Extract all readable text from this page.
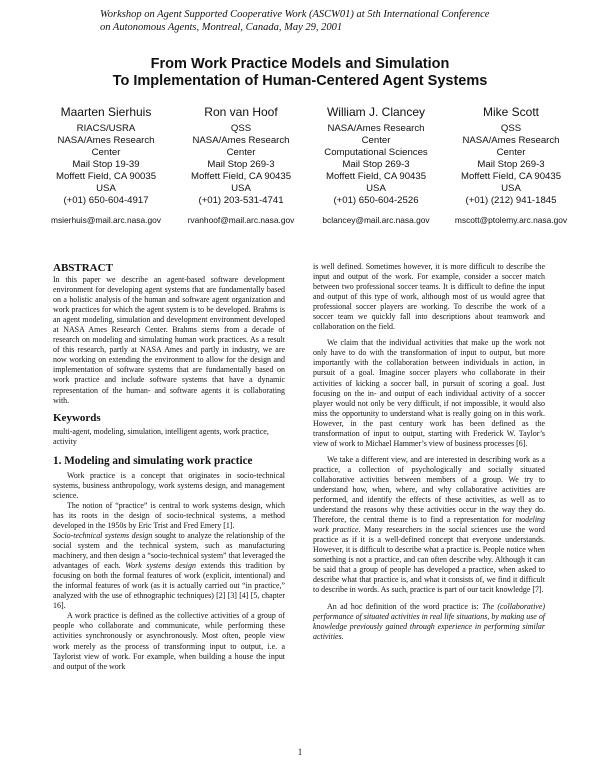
Workshop on Agent Supported Cooperative Work (ASCW01) at 5th International Conference
on Autonomous Agents, Montreal, Canada, May 29, 2001
From Work Practice Models and Simulation
To Implementation of Human-Centered Agent Systems
Maarten Sierhuis
RIACS/USRA
NASA/Ames Research
Center
Mail Stop 19-39
Moffett Field, CA 90035
USA
(+01) 650-604-4917
msierhuis@mail.arc.nasa.gov
Ron van Hoof
QSS
NASA/Ames Research
Center
Mail Stop 269-3
Moffett Field, CA 90435
USA
(+01) 203-531-4741
rvanhoof@mail.arc.nasa.gov
William J. Clancey
NASA/Ames Research
Center
Computational Sciences
Mail Stop 269-3
Moffett Field, CA 90435
USA
(+01) 650-604-2526
bclancey@mail.arc.nasa.gov
Mike Scott
QSS
NASA/Ames Research
Center
Mail Stop 269-3
Moffett Field, CA 90435
USA
(+01) (212) 941-1845
mscott@ptolemy.arc.nasa.gov
ABSTRACT

In this paper we describe an agent-based software development environment for developing agent systems that are fundamentally based on a holistic analysis of the human and software agent organization and work practices for which the agent system is to be developed. Brahms is an agent modeling, simulation and development environment developed at NASA Ames Research Center. Brahms stems from a decade of research on modeling and simulating human work practices. As a result of this research, partly at NASA Ames and partly in industry, we are now working on extending the environment to allow for the design and implementation of software systems that are fundamentally based on work practice and include software systems that have a dynamic representation of the human- and software agents it is collaborating with.

Keywords

multi-agent, modeling, simulation, intelligent agents, work practice, activity

1. Modeling and simulating work practice

Work practice is a concept that originates in socio-technical systems, business anthropology, work systems design, and management science.

The notion of “practice” is central to work systems design, which has its roots in the design of socio-technical systems, a method developed in the 1950s by Eric Trist and Fred Emery [1].
Socio-technical systems design sought to analyze the relationship of the social system and the technical system, such as manufacturing machinery, and then design a “socio-technical system” that leveraged the advantages of each. Work systems design extends this tradition by focusing on both the formal features of work (explicit, intentional) and the informal features of work (as it is actually carried out “in practice,” analyzed with the use of ethnographic techniques) [2] [3] [4] [5, chapter 16].

A work practice is defined as the collective activities of a group of people who collaborate and communicate, while performing these activities synchronously or asynchronously. Most often, people view work merely as the process of transforming input to output, i.e. a Taylorist view of work. For example, when building a house the input and output of the work

is well defined. Sometimes however, it is more difficult to describe the input and output of the work. For example, consider a soccer match between two professional soccer teams. It is difficult to define the input and output of this type of work, although most of us would agree that professional soccer players are working. To describe the work of a soccer team we quickly fall into descriptions about teamwork and collaboration on the field.

We claim that the individual activities that make up the work not only have to do with the transformation of input to output, but more importantly with the collaboration between individuals in action, in pursuit of a goal. Imagine soccer players who collaborate in their activities of kicking a soccer ball, in pursuit of scoring a goal. Just focusing on the in- and output of each individual activity of a soccer player would not only be very difficult, if not impossible, it would also miss the opportunity to understand what is really going on in this work. However, in the past century work has been defined as the transformation of input to output, starting with Frederick W. Taylor’s view of work to Michael Hammer’s view of business processes [6].

We take a different view, and are interested in describing work as a practice, a collection of psychologically and socially situated collaborative activities between members of a group. We try to understand how, when, where, and why collaborative activities are performed, and identify the effects of these activities, as well as to understand the reasons why these activities occur in the way they do. Therefore, the central theme is to find a representation for modeling work practice. Many researchers in the social sciences use the word practice as if it is a well-defined concept that everyone understands. However, it is difficult to describe what a practice is. People notice when something is not a practice, and can often describe why. Although it can be said that a group of people has developed a practice, when asked to describe what that practice is, and what it consists of, we find it difficult to describe in words. As such, practice is part of our tacit knowledge [7].

An ad hoc definition of the word practice is: The (collaborative) performance of situated activities in real life situations, by making use of knowledge previously gained through experience in performing similar activities.

1
